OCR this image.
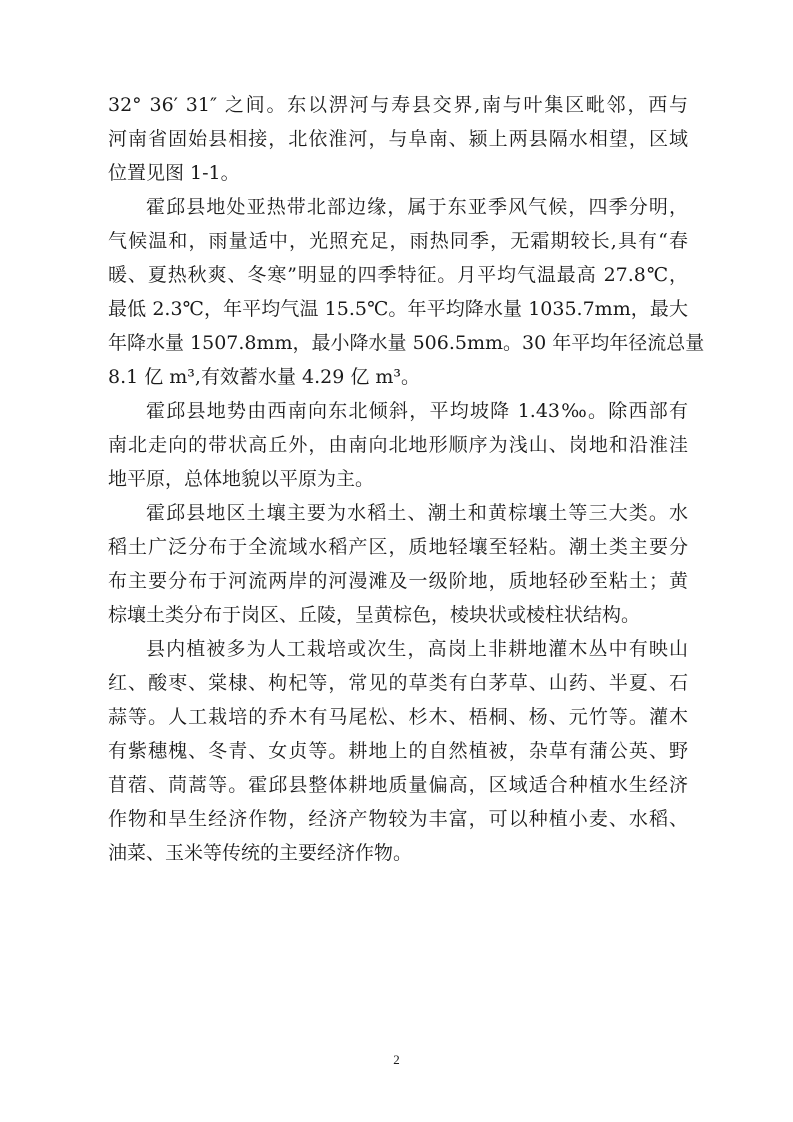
32° 36′ 31″ 之间。东以淠河与寿县交界,南与叶集区毗邻，西与
河南省固始县相接，北依淮河，与阜南、颍上两县隔水相望，区域
位置见图 1-1。
霍邱县地处亚热带北部边缘，属于东亚季风气候，四季分明，
气候温和，雨量适中，光照充足，雨热同季，无霜期较长,具有“春
暖、夏热秋爽、冬寒”明显的四季特征。月平均气温最高 27.8℃，
最低 2.3℃，年平均气温 15.5℃。年平均降水量 1035.7mm，最大
年降水量 1507.8mm，最小降水量 506.5mm。30 年平均年径流总量
8.1 亿 m³,有效蓄水量 4.29 亿 m³。
霍邱县地势由西南向东北倾斜，平均坡降 1.43‰。除西部有
南北走向的带状高丘外，由南向北地形顺序为浅山、岗地和沿淮洼
地平原，总体地貌以平原为主。
霍邱县地区土壤主要为水稻土、潮土和黄棕壤土等三大类。水
稻土广泛分布于全流域水稻产区，质地轻壤至轻粘。潮土类主要分
布主要分布于河流两岸的河漫滩及一级阶地，质地轻砂至粘土；黄
棕壤土类分布于岗区、丘陵，呈黄棕色，棱块状或棱柱状结构。
县内植被多为人工栽培或次生，高岗上非耕地灌木丛中有映山
红、酸枣、棠棣、枸杞等，常见的草类有白茅草、山药、半夏、石
蒜等。人工栽培的乔木有马尾松、杉木、梧桐、杨、元竹等。灌木
有紫穗槐、冬青、女贞等。耕地上的自然植被，杂草有蒲公英、野
苜蓿、茼蒿等。霍邱县整体耕地质量偏高，区域适合种植水生经济
作物和旱生经济作物，经济产物较为丰富，可以种植小麦、水稻、
油菜、玉米等传统的主要经济作物。
2
